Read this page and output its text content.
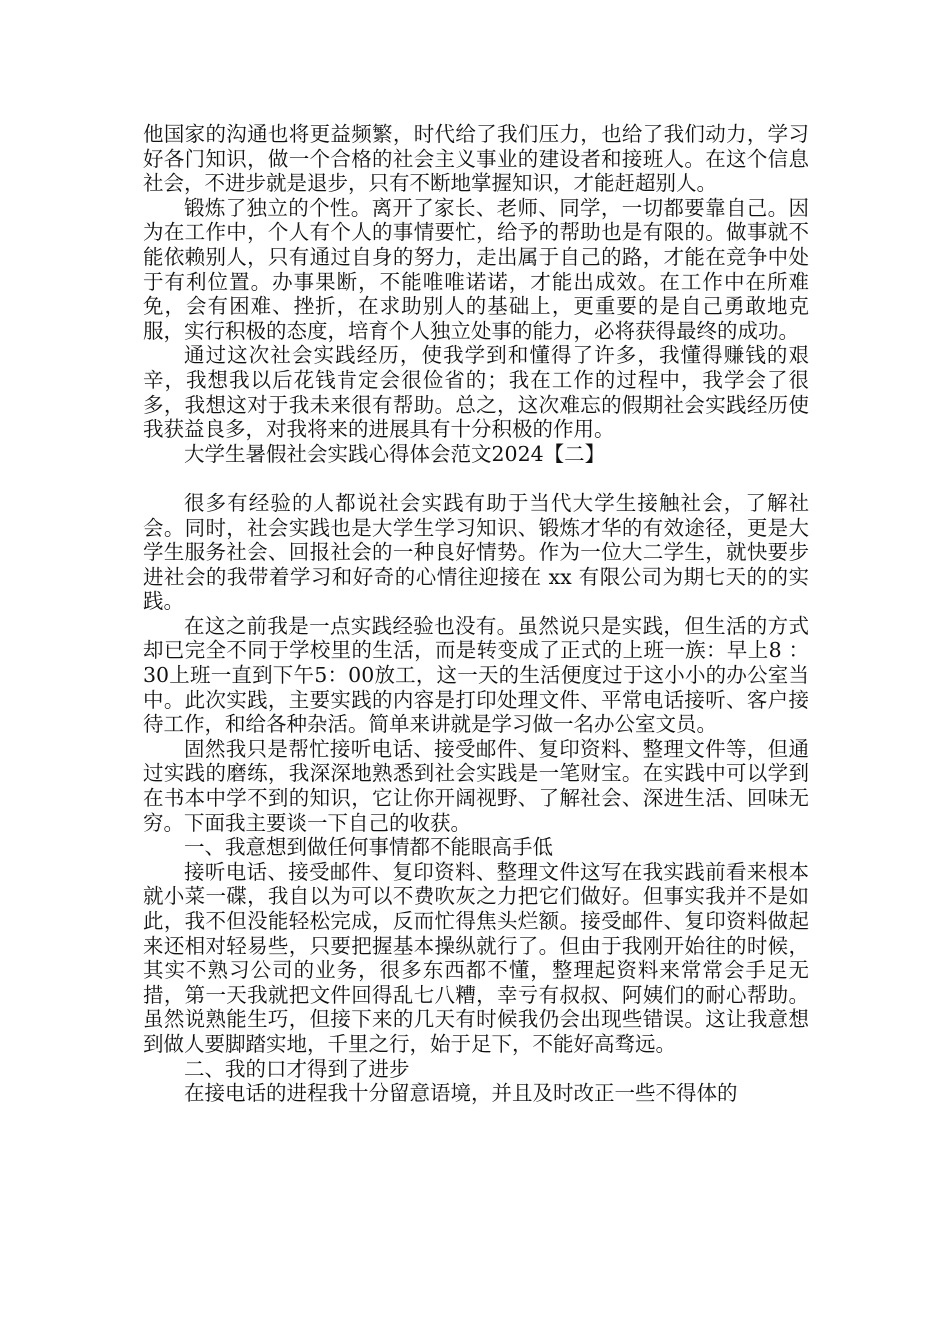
他国家的沟通也将更益频繁，时代给了我们压力，也给了我们动力，学习好各门知识，做一个合格的社会主义事业的建设者和接班人。在这个信息社会，不进步就是退步，只有不断地掌握知识，才能赶超别人。

锻炼了独立的个性。离开了家长、老师、同学，一切都要靠自己。因为在工作中，个人有个人的事情要忙，给予的帮助也是有限的。做事就不能依赖别人，只有通过自身的努力，走出属于自己的路，才能在竞争中处于有利位置。办事果断，不能唯唯诺诺，才能出成效。在工作中在所难免，会有困难、挫折，在求助别人的基础上，更重要的是自己勇敢地克服，实行积极的态度，培育个人独立处事的能力，必将获得最终的成功。

通过这次社会实践经历，使我学到和懂得了许多，我懂得赚钱的艰辛，我想我以后花钱肯定会很俭省的；我在工作的过程中，我学会了很多，我想这对于我未来很有帮助。总之，这次难忘的假期社会实践经历使我获益良多，对我将来的进展具有十分积极的作用。

大学生暑假社会实践心得体会范文2024【二】

很多有经验的人都说社会实践有助于当代大学生接触社会，了解社会。同时，社会实践也是大学生学习知识、锻炼才华的有效途径，更是大学生服务社会、回报社会的一种良好情势。作为一位大二学生，就快要步进社会的我带着学习和好奇的心情往迎接在 xx 有限公司为期七天的的实践。

在这之前我是一点实践经验也没有。虽然说只是实践，但生活的方式却已完全不同于学校里的生活，而是转变成了正式的上班一族：早上8 ：30上班一直到下午5：00放工，这一天的生活便度过于这小小的办公室当中。此次实践，主要实践的内容是打印处理文件、平常电话接听、客户接待工作，和给各种杂活。简单来讲就是学习做一名办公室文员。

固然我只是帮忙接听电话、接受邮件、复印资料、整理文件等，但通过实践的磨练，我深深地熟悉到社会实践是一笔财宝。在实践中可以学到在书本中学不到的知识，它让你开阔视野、了解社会、深进生活、回味无穷。下面我主要谈一下自己的收获。

一、我意想到做任何事情都不能眼高手低

接听电话、接受邮件、复印资料、整理文件这写在我实践前看来根本就小菜一碟，我自以为可以不费吹灰之力把它们做好。但事实我并不是如此，我不但没能轻松完成，反而忙得焦头烂额。接受邮件、复印资料做起来还相对轻易些，只要把握基本操纵就行了。但由于我刚开始往的时候，其实不熟习公司的业务，很多东西都不懂，整理起资料来常常会手足无措，第一天我就把文件回得乱七八糟，幸亏有叔叔、阿姨们的耐心帮助。虽然说熟能生巧，但接下来的几天有时候我仍会出现些错误。这让我意想到做人要脚踏实地，千里之行，始于足下，不能好高骛远。

二、我的口才得到了进步

在接电话的进程我十分留意语境，并且及时改正一些不得体的
